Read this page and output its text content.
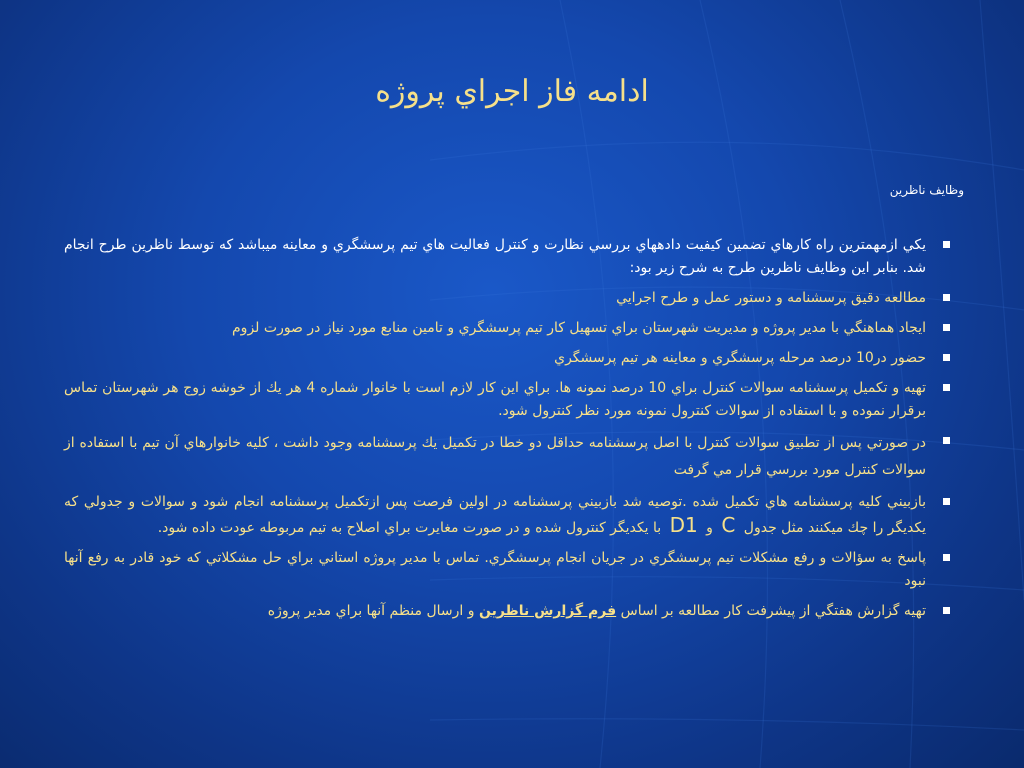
ادامه فاز اجراي پروژه
وظايف ناظرين
يكي ازمهمترين راه كارهاي تضمين كيفيت دادههاي بررسي نظارت و كنترل فعاليت هاي تيم پرسشگري و معاينه ميباشد كه توسط ناظرين طرح انجام شد. بنابر اين وظايف ناظرين طرح به شرح زير بود:
مطالعه دقيق پرسشنامه و دستور عمل و طرح اجرايي
ايجاد هماهنگي با مدير پروژه و مديريت شهرستان براي تسهيل كار تيم پرسشگري و تامين منابع مورد نياز در صورت لزوم
حضور در10 درصد مرحله پرسشگري و معاينه هر تيم پرسشگري
تهيه و تكميل پرسشنامه سوالات كنترل براي 10 درصد نمونه ها. براي اين كار لازم است با خانوار شماره 4 هر يك از خوشه زوج هر شهرستان تماس برقرار نموده و با استفاده از سوالات كنترول نمونه مورد نظر كنترول شود.
در صورتي پس از تطبيق سوالات كنترل با اصل پرسشنامه حداقل دو خطا در تكميل يك پرسشنامه وجود داشت ، كليه خانوارهاي آن تيم با استفاده از سوالات كنترل مورد بررسي قرار مي گرفت
بازبيني كليه پرسشنامه هاي تكميل شده .توصيه شد بازبيني پرسشنامه در اولين فرصت پس ازتكميل پرسشنامه انجام شود و سوالات و جدولي كه يكديگر را چك ميكنند مثل جدول C و D1 با يكديگر كنترول شده و در صورت مغايرت براي اصلاح به تيم مربوطه عودت داده شود.
پاسخ به سؤالات و رفع مشكلات تيم پرسشگري در جريان انجام پرسشگري. تماس با مدير پروژه استاني براي حل مشكلاتي كه خود قادر به رفع آنها نبود
تهيه گزارش هفتگي از پيشرفت كار مطالعه بر اساس فرم گزارش ناظرين و ارسال منظم آنها براي مدير پروژه
